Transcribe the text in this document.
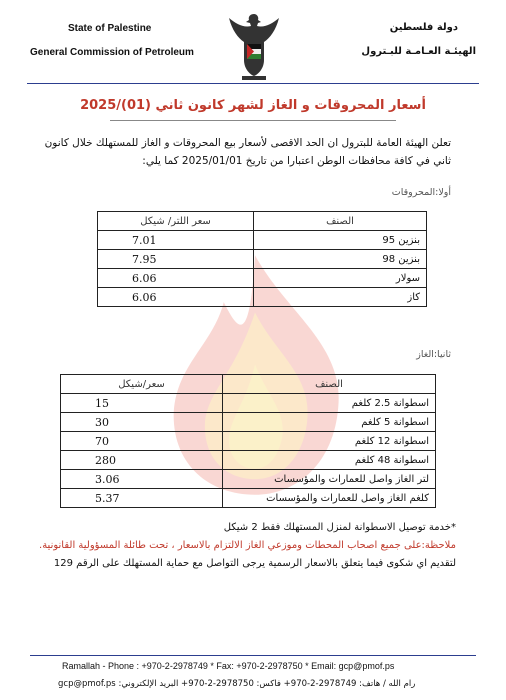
State of Palestine
General Commission of Petroleum
دولة فلسطين
الهيئـة العـامـة للبـترول
أسعار المحروقات و الغاز لشهر كانون ثاني (01)/2025
تعلن الهيئة العامة للبترول ان الحد الاقصى لأسعار بيع المحروقات و الغاز للمستهلك خلال كانون ثاني في كافة محافظات الوطن اعتبارا من تاريخ 2025/01/01 كما يلي:
أولا:المحروقات
الصنف	سعر اللتر/ شيكل
بنزين 95	7.01
بنزين 98	7.95
سولار	6.06
كاز	6.06
ثانيا:الغاز
الصنف	سعر/شيكل
اسطوانة 2.5 كلغم	15
اسطوانة 5 كلغم	30
اسطوانة 12 كلغم	70
اسطوانة 48 كلغم	280
لتر الغاز واصل للعمارات والمؤسسات	3.06
كلغم الغاز واصل للعمارات والمؤسسات	5.37
*خدمة توصيل الاسطوانة لمنزل المستهلك فقط 2 شيكل
ملاحظة:على جميع اصحاب المحطات وموزعي الغاز الالتزام بالاسعار ، تحت طائلة المسؤولية القانونية.
لتقديم اي شكوى فيما يتعلق بالاسعار الرسمية يرجى التواصل مع حماية المستهلك على الرقم 129
Ramallah - Phone : +970-2-2978749 * Fax: +970-2-2978750 * Email: gcp@pmof.ps
رام الله / هاتف: 2978749-2-970+ فاكس: 2978750-2-970+ البريد الإلكتروني: gcp@pmof.ps
